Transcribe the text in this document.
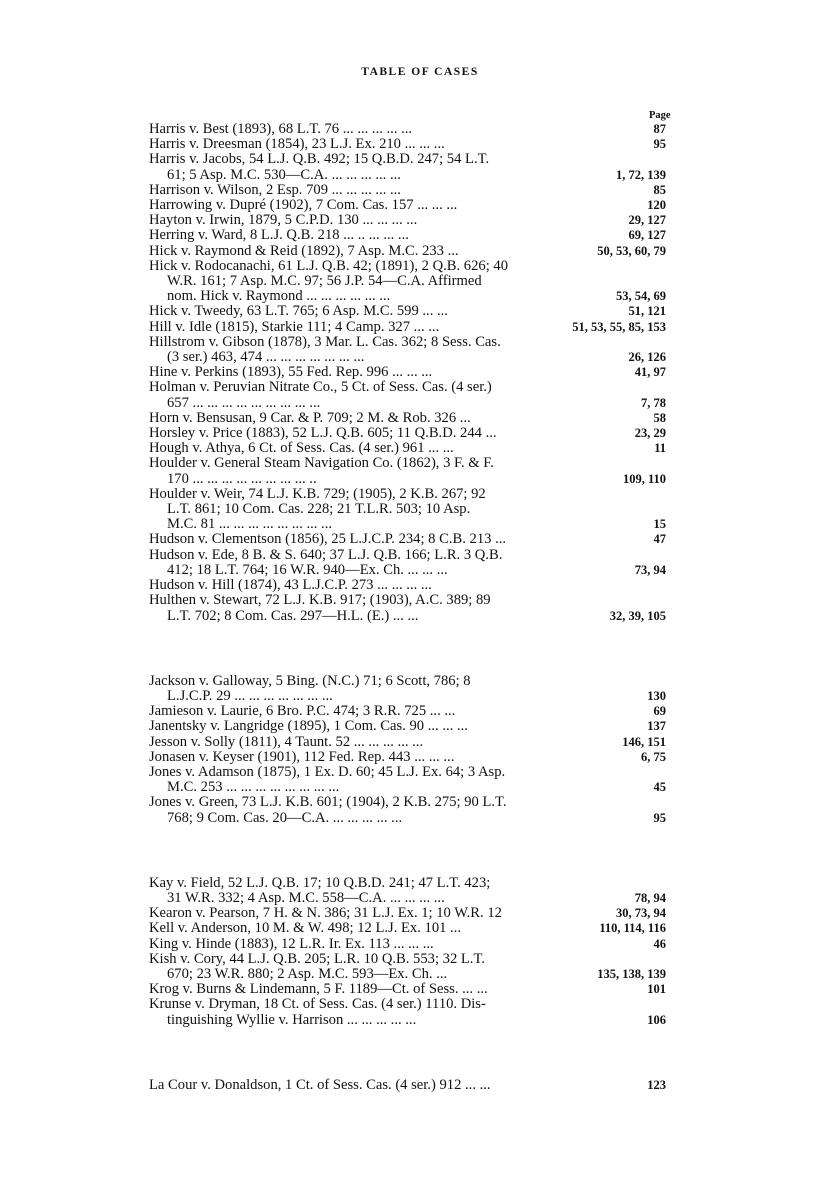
TABLE OF CASES
Page
Harris v. Best (1893), 68 L.T. 76 ... ... ... ... ...	87
Harris v. Dreesman (1854), 23 L.J. Ex. 210 ... ... ...	95
Harris v. Jacobs, 54 L.J. Q.B. 492; 15 Q.B.D. 247; 54 L.T.
61; 5 Asp. M.C. 530—C.A. ... ... ... ... ...	1, 72, 139
Harrison v. Wilson, 2 Esp. 709 ... ... ... ... ...	85
Harrowing v. Dupré (1902), 7 Com. Cas. 157 ... ... ...	120
Hayton v. Irwin, 1879, 5 C.P.D. 130 ... ... ... ...	29, 127
Herring v. Ward, 8 L.J. Q.B. 218 ... .. ... ... ...	69, 127
Hick v. Raymond & Reid (1892), 7 Asp. M.C. 233 ...	50, 53, 60, 79
Hick v. Rodocanachi, 61 L.J. Q.B. 42; (1891), 2 Q.B. 626; 40
W.R. 161; 7 Asp. M.C. 97; 56 J.P. 54—C.A. Affirmed
nom. Hick v. Raymond ... ... ... ... ... ...	53, 54, 69
Hick v. Tweedy, 63 L.T. 765; 6 Asp. M.C. 599 ... ...	51, 121
Hill v. Idle (1815), Starkie 111; 4 Camp. 327 ... ...	51, 53, 55, 85, 153
Hillstrom v. Gibson (1878), 3 Mar. L. Cas. 362; 8 Sess. Cas.
(3 ser.) 463, 474 ... ... ... ... ... ... ...	26, 126
Hine v. Perkins (1893), 55 Fed. Rep. 996 ... ... ...	41, 97
Holman v. Peruvian Nitrate Co., 5 Ct. of Sess. Cas. (4 ser.)
657 ... ... ... ... ... ... ... ... ...	7, 78
Horn v. Bensusan, 9 Car. & P. 709; 2 M. & Rob. 326 ...	58
Horsley v. Price (1883), 52 L.J. Q.B. 605; 11 Q.B.D. 244 ...	23, 29
Hough v. Athya, 6 Ct. of Sess. Cas. (4 ser.) 961 ... ...	11
Houlder v. General Steam Navigation Co. (1862), 3 F. & F.
170 ... ... ... ... ... ... ... ... ..	109, 110
Houlder v. Weir, 74 L.J. K.B. 729; (1905), 2 K.B. 267; 92
L.T. 861; 10 Com. Cas. 228; 21 T.L.R. 503; 10 Asp.
M.C. 81 ... ... ... ... ... ... ... ...	15
Hudson v. Clementson (1856), 25 L.J.C.P. 234; 8 C.B. 213 ...	47
Hudson v. Ede, 8 B. & S. 640; 37 L.J. Q.B. 166; L.R. 3 Q.B.
412; 18 L.T. 764; 16 W.R. 940—Ex. Ch. ... ... ...	73, 94
Hudson v. Hill (1874), 43 L.J.C.P. 273 ... ... ... ...
Hulthen v. Stewart, 72 L.J. K.B. 917; (1903), A.C. 389; 89
L.T. 702; 8 Com. Cas. 297—H.L. (E.) ... ...	32, 39, 105
Jackson v. Galloway, 5 Bing. (N.C.) 71; 6 Scott, 786; 8
L.J.C.P. 29 ... ... ... ... ... ... ...	130
Jamieson v. Laurie, 6 Bro. P.C. 474; 3 R.R. 725 ... ...	69
Janentsky v. Langridge (1895), 1 Com. Cas. 90 ... ... ...	137
Jesson v. Solly (1811), 4 Taunt. 52 ... ... ... ... ...	146, 151
Jonasen v. Keyser (1901), 112 Fed. Rep. 443 ... ... ...	6, 75
Jones v. Adamson (1875), 1 Ex. D. 60; 45 L.J. Ex. 64; 3 Asp.
M.C. 253 ... ... ... ... ... ... ... ...	45
Jones v. Green, 73 L.J. K.B. 601; (1904), 2 K.B. 275; 90 L.T.
768; 9 Com. Cas. 20—C.A. ... ... ... ... ...	95
Kay v. Field, 52 L.J. Q.B. 17; 10 Q.B.D. 241; 47 L.T. 423;
31 W.R. 332; 4 Asp. M.C. 558—C.A. ... ... ... ...	78, 94
Kearon v. Pearson, 7 H. & N. 386; 31 L.J. Ex. 1; 10 W.R. 12	30, 73, 94
Kell v. Anderson, 10 M. & W. 498; 12 L.J. Ex. 101 ...	110, 114, 116
King v. Hinde (1883), 12 L.R. Ir. Ex. 113 ... ... ...	46
Kish v. Cory, 44 L.J. Q.B. 205; L.R. 10 Q.B. 553; 32 L.T.
670; 23 W.R. 880; 2 Asp. M.C. 593—Ex. Ch. ...	135, 138, 139
Krog v. Burns & Lindemann, 5 F. 1189—Ct. of Sess. ... ...	101
Krunse v. Dryman, 18 Ct. of Sess. Cas. (4 ser.) 1110. Dis-
tinguishing Wyllie v. Harrison ... ... ... ... ...	106
La Cour v. Donaldson, 1 Ct. of Sess. Cas. (4 ser.) 912 ... ...	123
